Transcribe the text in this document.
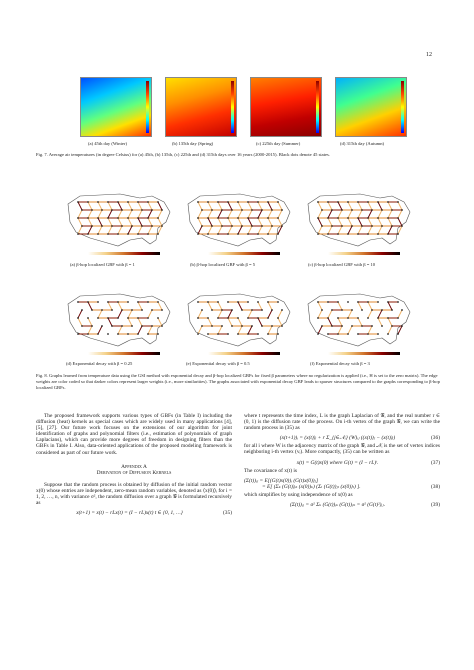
12
(a) 45th day (Winter)	(b) 135th day (Spring)	(c) 225th day (Summer)	(d) 315th day (Autumn)
Fig. 7. Average air temperatures (in degree Celsius) for (a) 45th, (b) 135th, (c) 225th and (d) 315th days over 16 years (2000-2015). Black dots denote 45 states.
(a) β-hop localized GBF with β = 1	(b) β-hop localized GBF with β = 5	(c) β-hop localized GBF with β = 10
(d) Exponential decay with β = 0.25	(e) Exponential decay with β = 0.5	(f) Exponential decay with β = 3
Fig. 8. Graphs learned from temperature data using the GSI method with exponential decay and β-hop localized GBFs for fixed β parameters where no regularization is applied (i.e., H is set to the zero matrix). The edge weights are color coded so that darker colors represent larger weights (i.e., more similarities). The graphs associated with exponential decay GBF leads to sparser structures compared to the graphs corresponding to β-hop localized GBFs.

The proposed framework supports various types of GBFs (in Table I) including the diffusion (heat) kernels as special cases which are widely used in many applications [4], [5], [27]. Our future work focuses on the extensions of our algorithm for joint identification of graphs and polynomial filters (i.e., estimation of polynomials of graph Laplacians), which can provide more degrees of freedom in designing filters than the GBFs in Table I. Also, data-oriented applications of the proposed modeling framework is considered as part of our future work.

Appendix A
Derivation of Diffusion Kernels

Suppose that the random process is obtained by diffusion of the initial random vector x(0) whose entries are independent, zero-mean random variables, denoted as ⟨x(0)⟩ᵢ for i = 1, 2, …, n, with variance σ², the random diffusion over a graph 𝒢 is formulated recursively as

x(t+1) = x(t) − rLx(t) = (I − rL)x(t) t ∈ {0, 1, …}	(35)

where t represents the time index, L is the graph Laplacian of 𝒢, and the real number r ∈ (0, 1) is the diffusion rate of the process. On i-th vertex of the graph 𝒢, we can write the random process in (35) as

(x(t+1))ᵢ = (x(t))ᵢ + r Σ_{j∈𝒩ᵢ} (W)ᵢⱼ ((x(t))ⱼ − (x(t))ᵢ)	(36)

for all i where W is the adjacency matrix of the graph 𝒢, and 𝒩ᵢ is the set of vertex indices neighboring i-th vertex (vᵢ). More compactly, (35) can be written as

x(t) = G(t)x(0) where G(t) = (I − rL)ᵗ.	(37)

The covariance of x(t) is

(Σ(t))ᵢⱼ = E[(G(t)x(0))ᵢ (G(t)x(0))ⱼ]
= E[ (Σₖ (G(t))ᵢₖ (x(0))ₖ) (Σₗ (G(t))ⱼₗ (x(0))ₗ) ].	(38)

which simplifies by using independence of x(0) as

(Σ(t))ᵢⱼ = σ² Σₖ (G(t))ᵢₖ (G(t))ⱼₖ = σ² (G(t)²)ᵢⱼ.	(39)
